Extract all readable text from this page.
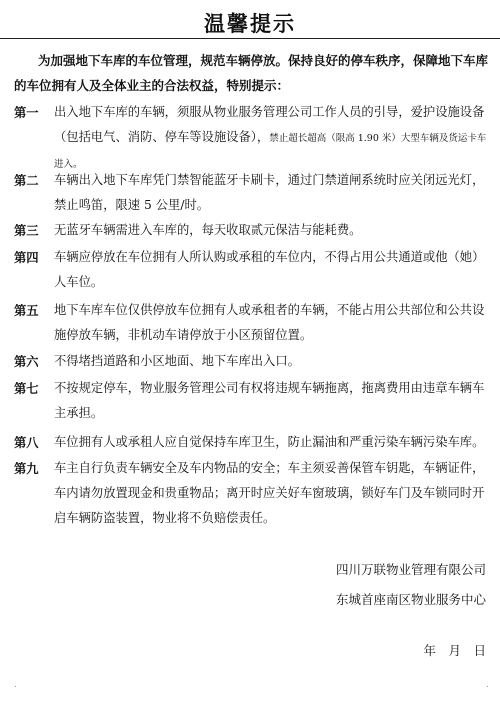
温馨提示
为加强地下车库的车位管理，规范车辆停放。保持良好的停车秩序，保障地下车库的车位拥有人及全体业主的合法权益，特别提示：
第一	出入地下车库的车辆，须服从物业服务管理公司工作人员的引导，爱护设施设备（包括电气、消防、停车等设施设备），禁止超长超高（限高 1.90 米）大型车辆及货运卡车进入。
第二	车辆出入地下车库凭门禁智能蓝牙卡刷卡，通过门禁道闸系统时应关闭远光灯，禁止鸣笛，限速 5 公里/时。
第三	无蓝牙车辆需进入车库的，每天收取贰元保洁与能耗费。
第四	车辆应停放在车位拥有人所认购或承租的车位内，不得占用公共通道或他（她）人车位。
第五	地下车库车位仅供停放车位拥有人或承租者的车辆，不能占用公共部位和公共设施停放车辆，非机动车请停放于小区预留位置。
第六	不得堵挡道路和小区地面、地下车库出入口。
第七	不按规定停车，物业服务管理公司有权将违规车辆拖离，拖离费用由违章车辆车主承担。
第八	车位拥有人或承租人应自觉保持车库卫生，防止漏油和严重污染车辆污染车库。
第九	车主自行负责车辆安全及车内物品的安全；车主须妥善保管车钥匙，车辆证件，车内请勿放置现金和贵重物品；离开时应关好车窗玻璃，锁好车门及车锁同时开启车辆防盗装置，物业将不负赔偿责任。
四川万联物业管理有限公司
东城首座南区物业服务中心
年　月　日
.	.
